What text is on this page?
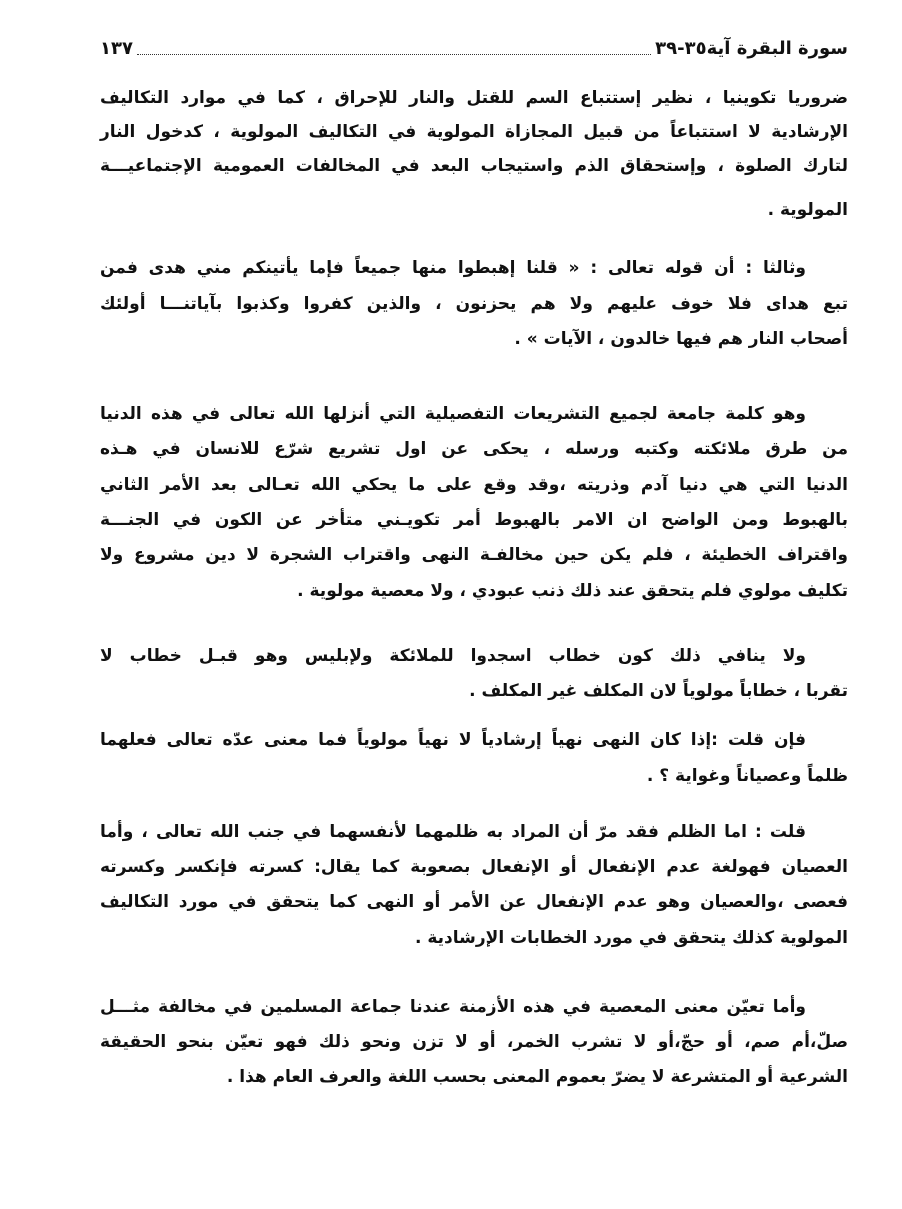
سورة البقرة آية٣٥-٣٩
١٣٧
ضروريا تكوينيا ، نظير إستتباع السم للقتل والنار للإحراق ، كما في موارد التكاليف
الإرشادية لا استتباعاً من قبيل المجازاة المولوية في التكاليف المولوية ، كدخول النار
لتارك الصلوة ، وإستحقاق الذم واستيجاب البعد في المخالفات العمومية الإجتماعيـــة
المولوية .
وثالثا : أن قوله تعالى : « قلنا إهبطوا منها جميعاً فإما يأتينكم مني هدى فمن
تبع هداى فلا خوف عليهم ولا هم يحزنون ، والذين كفروا وكذبوا بآياتنـــا أولئك
أصحاب النار هم فيها خالدون ، الآيات » .
وهو كلمة جامعة لجميع التشريعات التفصيلية التي أنزلها الله تعالى في هذه الدنيا
من طرق ملائكته وكتبه ورسله ، يحكى عن اول تشريع شرّع للانسان في هـذه
الدنيا التي هي دنيا آدم وذريته ،وقد وقع على ما يحكي الله تعـالى بعد الأمر الثاني
بالهبوط ومن الواضح ان الامر بالهبوط أمر تكويـني متأخر عن الكون في الجنـــة
واقتراف الخطيئة ، فلم يكن حين مخالفـة النهى واقتراب الشجرة لا دين مشروع ولا
تكليف مولوي فلم يتحقق عند ذلك ذنب عبودي ، ولا معصية مولوية .
ولا ينافي ذلك كون خطاب اسجدوا للملائكة ولإبليس وهو قبـل خطاب لا
تقربا ، خطاباً مولوياً لان المكلف غير المكلف .
فإن قلت :إذا كان النهى نهياً إرشادياً لا نهياً مولوياً فما معنى عدّه تعالى فعلهما
ظلماً وعصياناً وغواية ؟ .
قلت : اما الظلم فقد مرّ أن المراد به ظلمهما لأنفسهما في جنب الله تعالى ، وأما
العصيان فهولغة عدم الإنفعال أو الإنفعال بصعوبة كما يقال: كسرته فإنكسر وكسرته
فعصى ،والعصيان وهو عدم الإنفعال عن الأمر أو النهى كما يتحقق في مورد التكاليف
المولوية كذلك يتحقق في مورد الخطابات الإرشادية .
وأما تعيّن معنى المعصية في هذه الأزمنة عندنا جماعة المسلمين في مخالفة مثـــل
صلّ،أم صم، أو حجّ،أو لا تشرب الخمر، أو لا تزن ونحو ذلك فهو تعيّن بنحو الحقيقة
الشرعية أو المتشرعة لا يضرّ بعموم المعنى بحسب اللغة والعرف العام هذا .
